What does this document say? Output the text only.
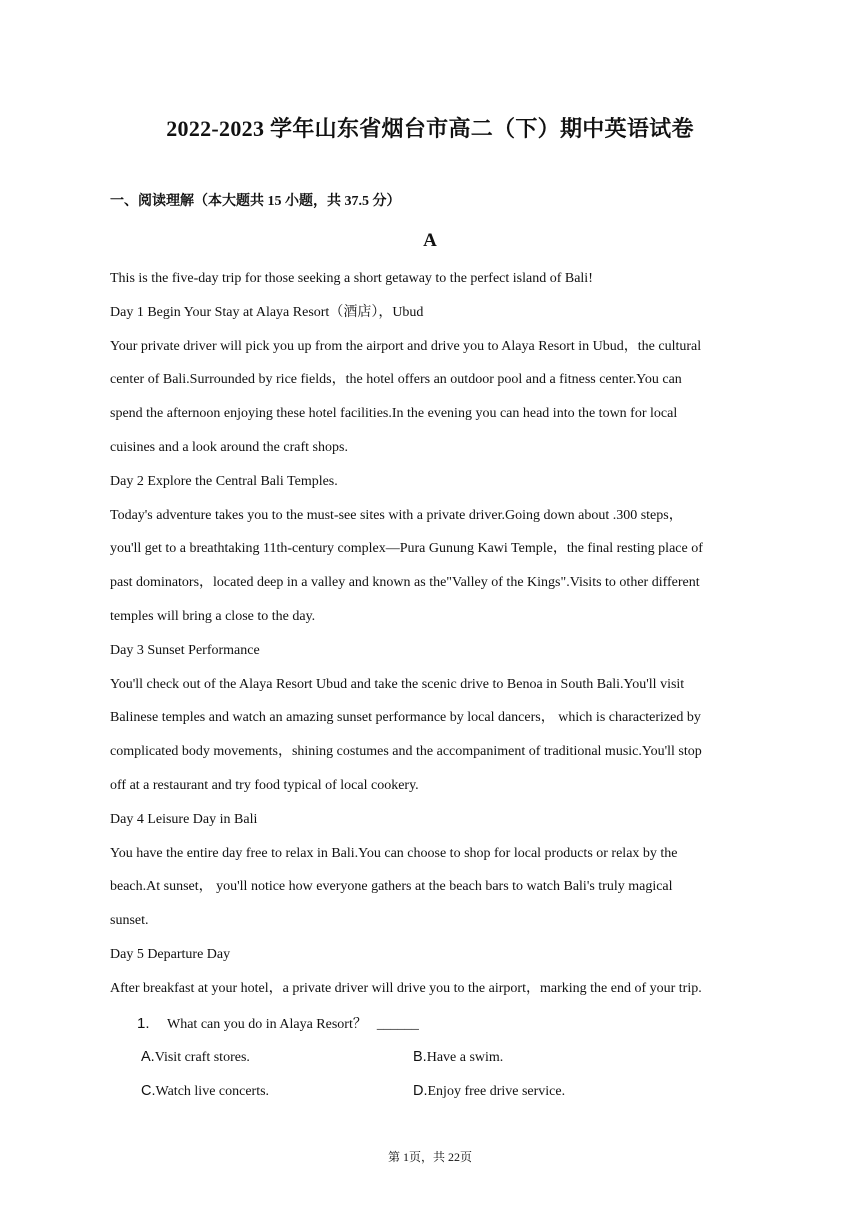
2022-2023 学年山东省烟台市高二（下）期中英语试卷
一、阅读理解（本大题共 15 小题，共 37.5 分）
A

This is the five-day trip for those seeking a short getaway to the perfect island of Bali!

Day 1 Begin Your Stay at Alaya Resort（酒店），Ubud

Your private driver will pick you up from the airport and drive you to Alaya Resort in Ubud，the cultural

center of Bali.Surrounded by rice fields，the hotel offers an outdoor pool and a fitness center.You can

spend the afternoon enjoying these hotel facilities.In the evening you can head into the town for local

cuisines and a look around the craft shops.

Day 2 Explore the Central Bali Temples.

Today's adventure takes you to the must-see sites with a private driver.Going down about .300 steps，

you'll get to a breathtaking 11th-century complex—Pura Gunung Kawi Temple，the final resting place of

past dominators，located deep in a valley and known as the"Valley of the Kings".Visits to other different

temples will bring a close to the day.

Day 3 Sunset Performance

You'll check out of the Alaya Resort Ubud and take the scenic drive to Benoa in South Bali.You'll visit

Balinese temples and watch an amazing sunset performance by local dancers， which is characterized by

complicated body movements，shining costumes and the accompaniment of traditional music.You'll stop

off at a restaurant and try food typical of local cookery.

Day 4 Leisure Day in Bali

You have the entire day free to relax in Bali.You can choose to shop for local products or relax by the

beach.At sunset， you'll notice how everyone gathers at the beach bars to watch Bali's truly magical

sunset.

Day 5 Departure Day

After breakfast at your hotel，a private driver will drive you to the airport，marking the end of your trip.

1.	What can you do in Alaya Resort？ ______
A. Visit craft stores.	B. Have a swim.
C. Watch live concerts.	D. Enjoy free drive service.
第 1页，共 22页
